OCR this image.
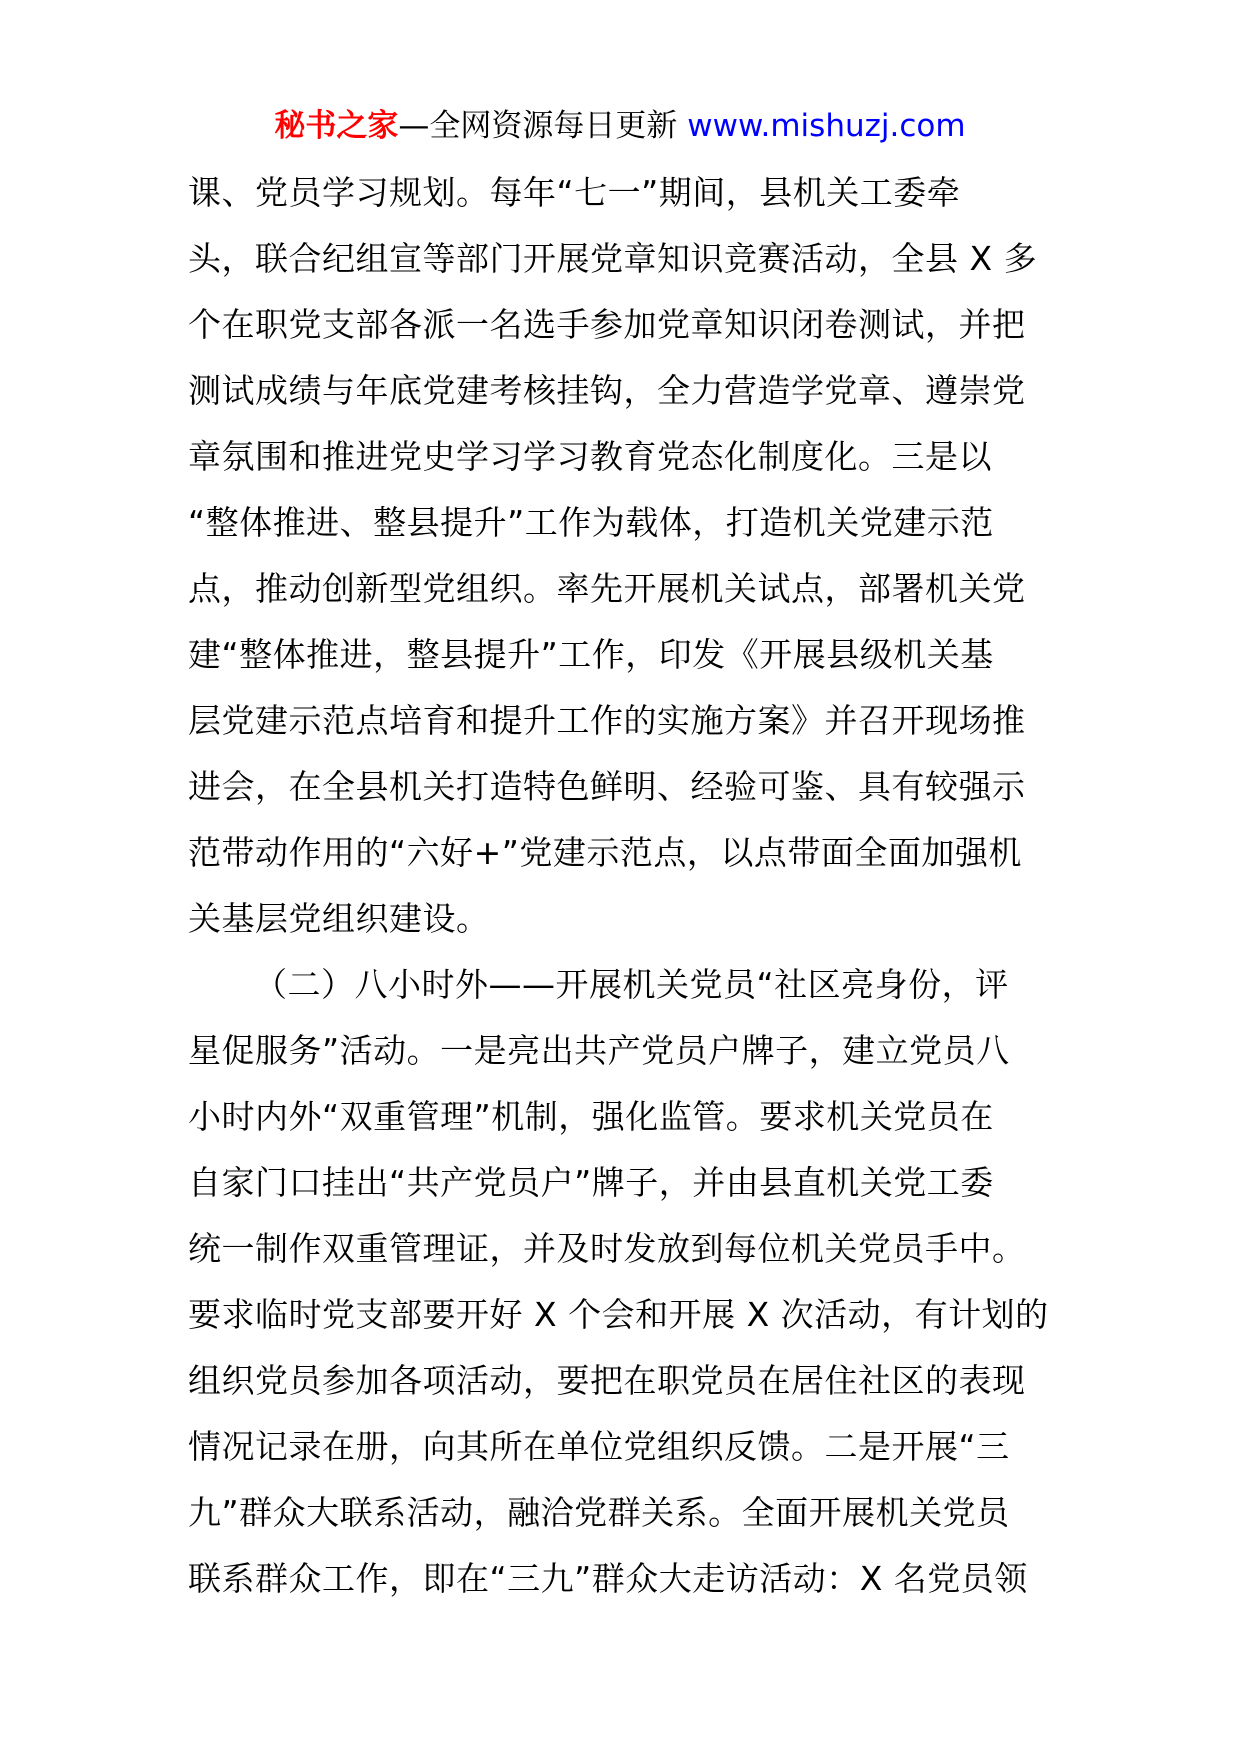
秘书之家—全网资源每日更新 www.mishuzj.com
课、党员学习规划。每年“七一”期间，县机关工委牵
头，联合纪组宣等部门开展党章知识竞赛活动，全县 X 多
个在职党支部各派一名选手参加党章知识闭卷测试，并把
测试成绩与年底党建考核挂钩，全力营造学党章、遵崇党
章氛围和推进党史学习学习教育党态化制度化。三是以
“整体推进、整县提升”工作为载体，打造机关党建示范
点，推动创新型党组织。率先开展机关试点，部署机关党
建“整体推进，整县提升”工作，印发《开展县级机关基
层党建示范点培育和提升工作的实施方案》并召开现场推
进会，在全县机关打造特色鲜明、经验可鉴、具有较强示
范带动作用的“六好+”党建示范点，以点带面全面加强机
关基层党组织建设。
（二）八小时外——开展机关党员“社区亮身份，评
星促服务”活动。一是亮出共产党员户牌子，建立党员八
小时内外“双重管理”机制，强化监管。要求机关党员在
自家门口挂出“共产党员户”牌子，并由县直机关党工委
统一制作双重管理证，并及时发放到每位机关党员手中。
要求临时党支部要开好 X 个会和开展 X 次活动，有计划的
组织党员参加各项活动，要把在职党员在居住社区的表现
情况记录在册，向其所在单位党组织反馈。二是开展“三
九”群众大联系活动，融洽党群关系。全面开展机关党员
联系群众工作，即在“三九”群众大走访活动：X 名党员领
